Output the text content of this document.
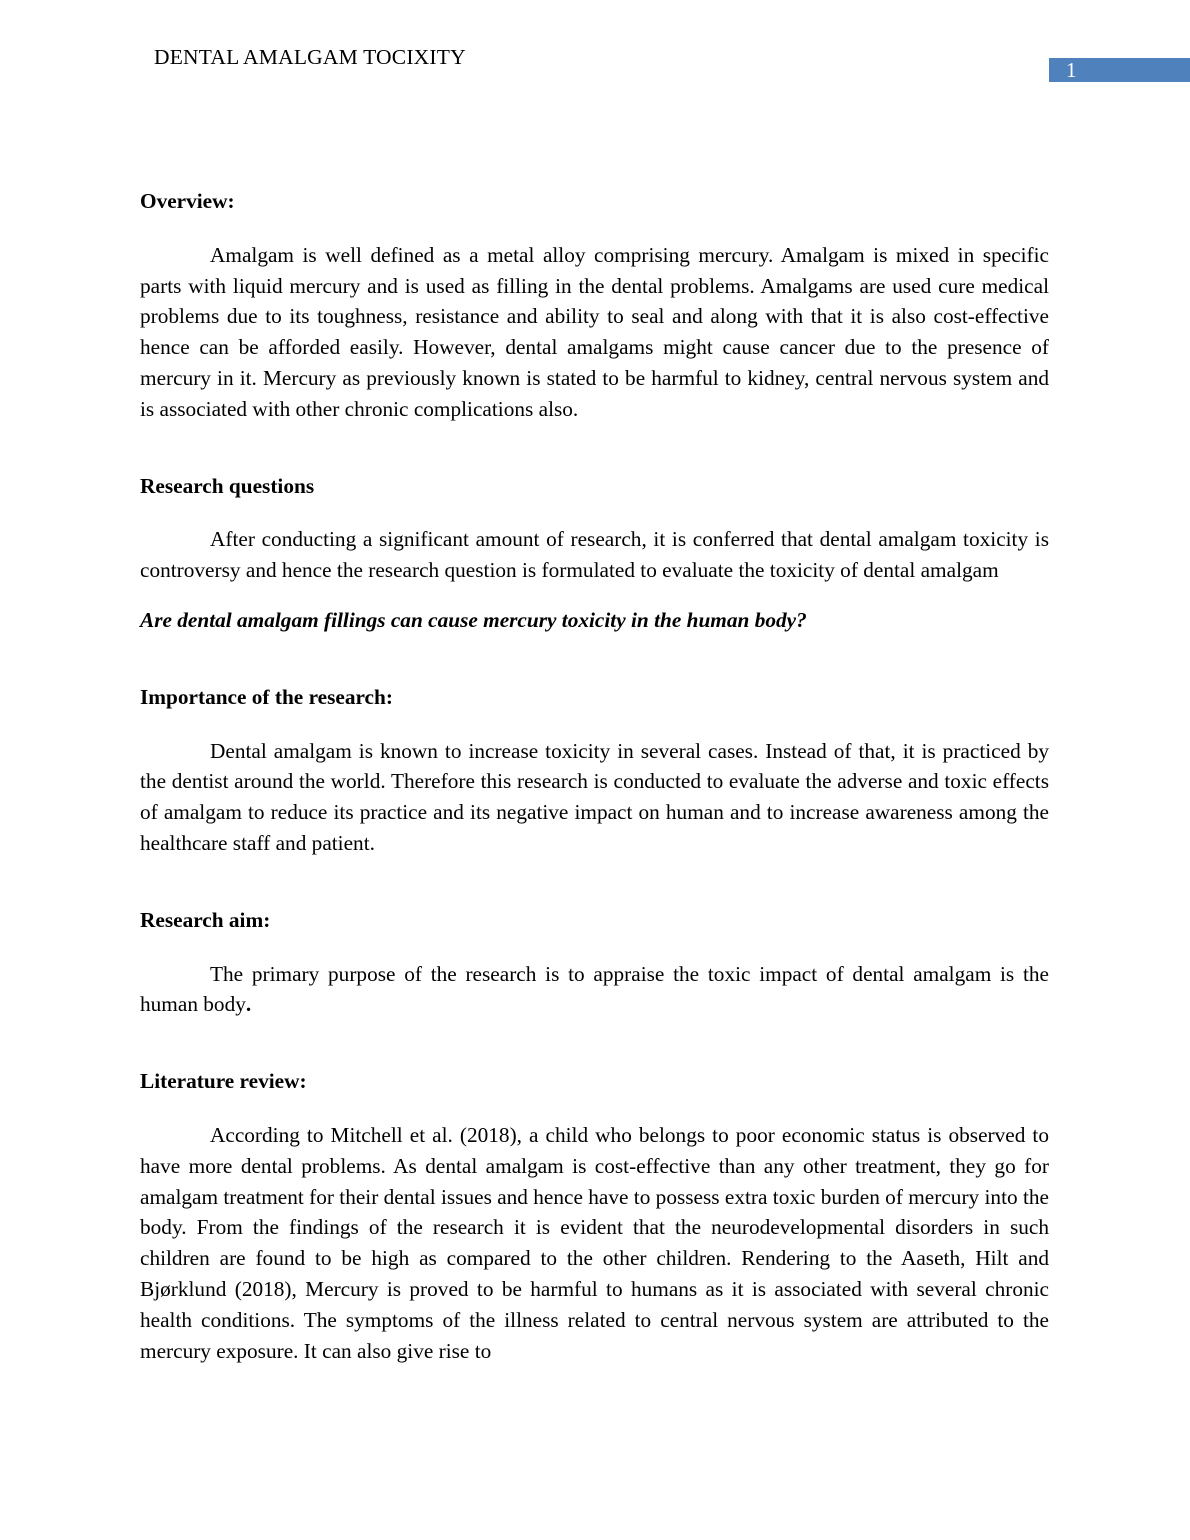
DENTAL AMALGAM TOCIXITY
1

Overview:

Amalgam is well defined as a metal alloy comprising mercury. Amalgam is mixed in specific parts with liquid mercury and is used as filling in the dental problems. Amalgams are used cure medical problems due to its toughness, resistance and ability to seal and along with that it is also cost-effective hence can be afforded easily. However, dental amalgams might cause cancer due to the presence of mercury in it. Mercury as previously known is stated to be harmful to kidney, central nervous system and is associated with other chronic complications also.

Research questions

After conducting a significant amount of research, it is conferred that dental amalgam toxicity is controversy and hence the research question is formulated to evaluate the toxicity of dental amalgam

Are dental amalgam fillings can cause mercury toxicity in the human body?

Importance of the research:

Dental amalgam is known to increase toxicity in several cases. Instead of that, it is practiced by the dentist around the world. Therefore this research is conducted to evaluate the adverse and toxic effects of amalgam to reduce its practice and its negative impact on human and to increase awareness among the healthcare staff and patient.

Research aim:

The primary purpose of the research is to appraise the toxic impact of dental amalgam is the human body.

Literature review:

According to Mitchell et al. (2018), a child who belongs to poor economic status is observed to have more dental problems. As dental amalgam is cost-effective than any other treatment, they go for amalgam treatment for their dental issues and hence have to possess extra toxic burden of mercury into the body. From the findings of the research it is evident that the neurodevelopmental disorders in such children are found to be high as compared to the other children. Rendering to the Aaseth, Hilt and Bjørklund (2018), Mercury is proved to be harmful to humans as it is associated with several chronic health conditions. The symptoms of the illness related to central nervous system are attributed to the mercury exposure. It can also give rise to
